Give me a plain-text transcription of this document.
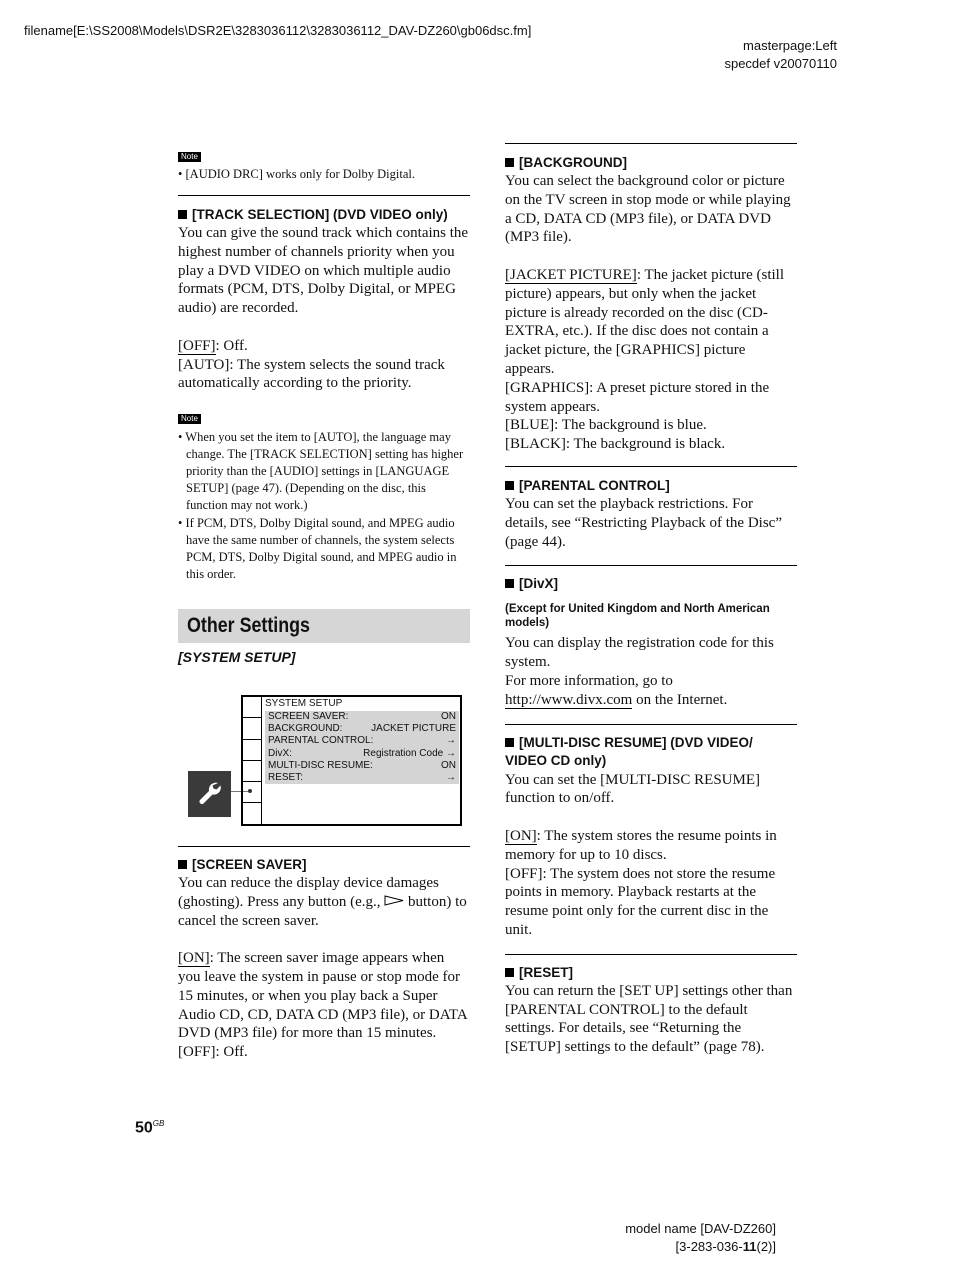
filename[E:\SS2008\Models\DSR2E\3283036112\3283036112_DAV-DZ260\gb06dsc.fm]
masterpage:Left
specdef v20070110
Note
• [AUDIO DRC] works only for Dolby Digital.
[TRACK SELECTION] (DVD VIDEO only)
You can give the sound track which contains the highest number of channels priority when you play a DVD VIDEO on which multiple audio formats (PCM, DTS, Dolby Digital, or MPEG audio) are recorded.
[OFF]: Off.
[AUTO]: The system selects the sound track automatically according to the priority.
Note
• When you set the item to [AUTO], the language may change. The [TRACK SELECTION] setting has higher priority than the [AUDIO] settings in [LANGUAGE SETUP] (page 47). (Depending on the disc, this function may not work.)
• If PCM, DTS, Dolby Digital sound, and MPEG audio have the same number of channels, the system selects PCM, DTS, Dolby Digital sound, and MPEG audio in this order.
Other Settings
[SYSTEM SETUP]
SYSTEM SETUP
SCREEN SAVER:	ON
BACKGROUND:	JACKET PICTURE
PARENTAL CONTROL:	→
DivX:	Registration Code →
MULTI-DISC RESUME:	ON
RESET:	→
[SCREEN SAVER]
You can reduce the display device damages (ghosting). Press any button (e.g., button) to cancel the screen saver.
[ON]: The screen saver image appears when you leave the system in pause or stop mode for 15 minutes, or when you play back a Super Audio CD, CD, DATA CD (MP3 file), or DATA DVD (MP3 file) for more than 15 minutes.
[OFF]: Off.
[BACKGROUND]
You can select the background color or picture on the TV screen in stop mode or while playing a CD, DATA CD (MP3 file), or DATA DVD (MP3 file).
[JACKET PICTURE]: The jacket picture (still picture) appears, but only when the jacket picture is already recorded on the disc (CD-EXTRA, etc.). If the disc does not contain a jacket picture, the [GRAPHICS] picture appears.
[GRAPHICS]: A preset picture stored in the system appears.
[BLUE]: The background is blue.
[BLACK]: The background is black.
[PARENTAL CONTROL]
You can set the playback restrictions. For details, see “Restricting Playback of the Disc” (page 44).
[DivX]
(Except for United Kingdom and North American models)
You can display the registration code for this system.
For more information, go to
http://www.divx.com on the Internet.
[MULTI-DISC RESUME] (DVD VIDEO/ VIDEO CD only)
You can set the [MULTI-DISC RESUME] function to on/off.
[ON]: The system stores the resume points in memory for up to 10 discs.
[OFF]: The system does not store the resume points in memory. Playback restarts at the resume point only for the current disc in the unit.
[RESET]
You can return the [SET UP] settings other than [PARENTAL CONTROL] to the default settings. For details, see “Returning the [SETUP] settings to the default” (page 78).
$50^{GB}$
model name [DAV-DZ260]
[3-283-036-11(2)]
